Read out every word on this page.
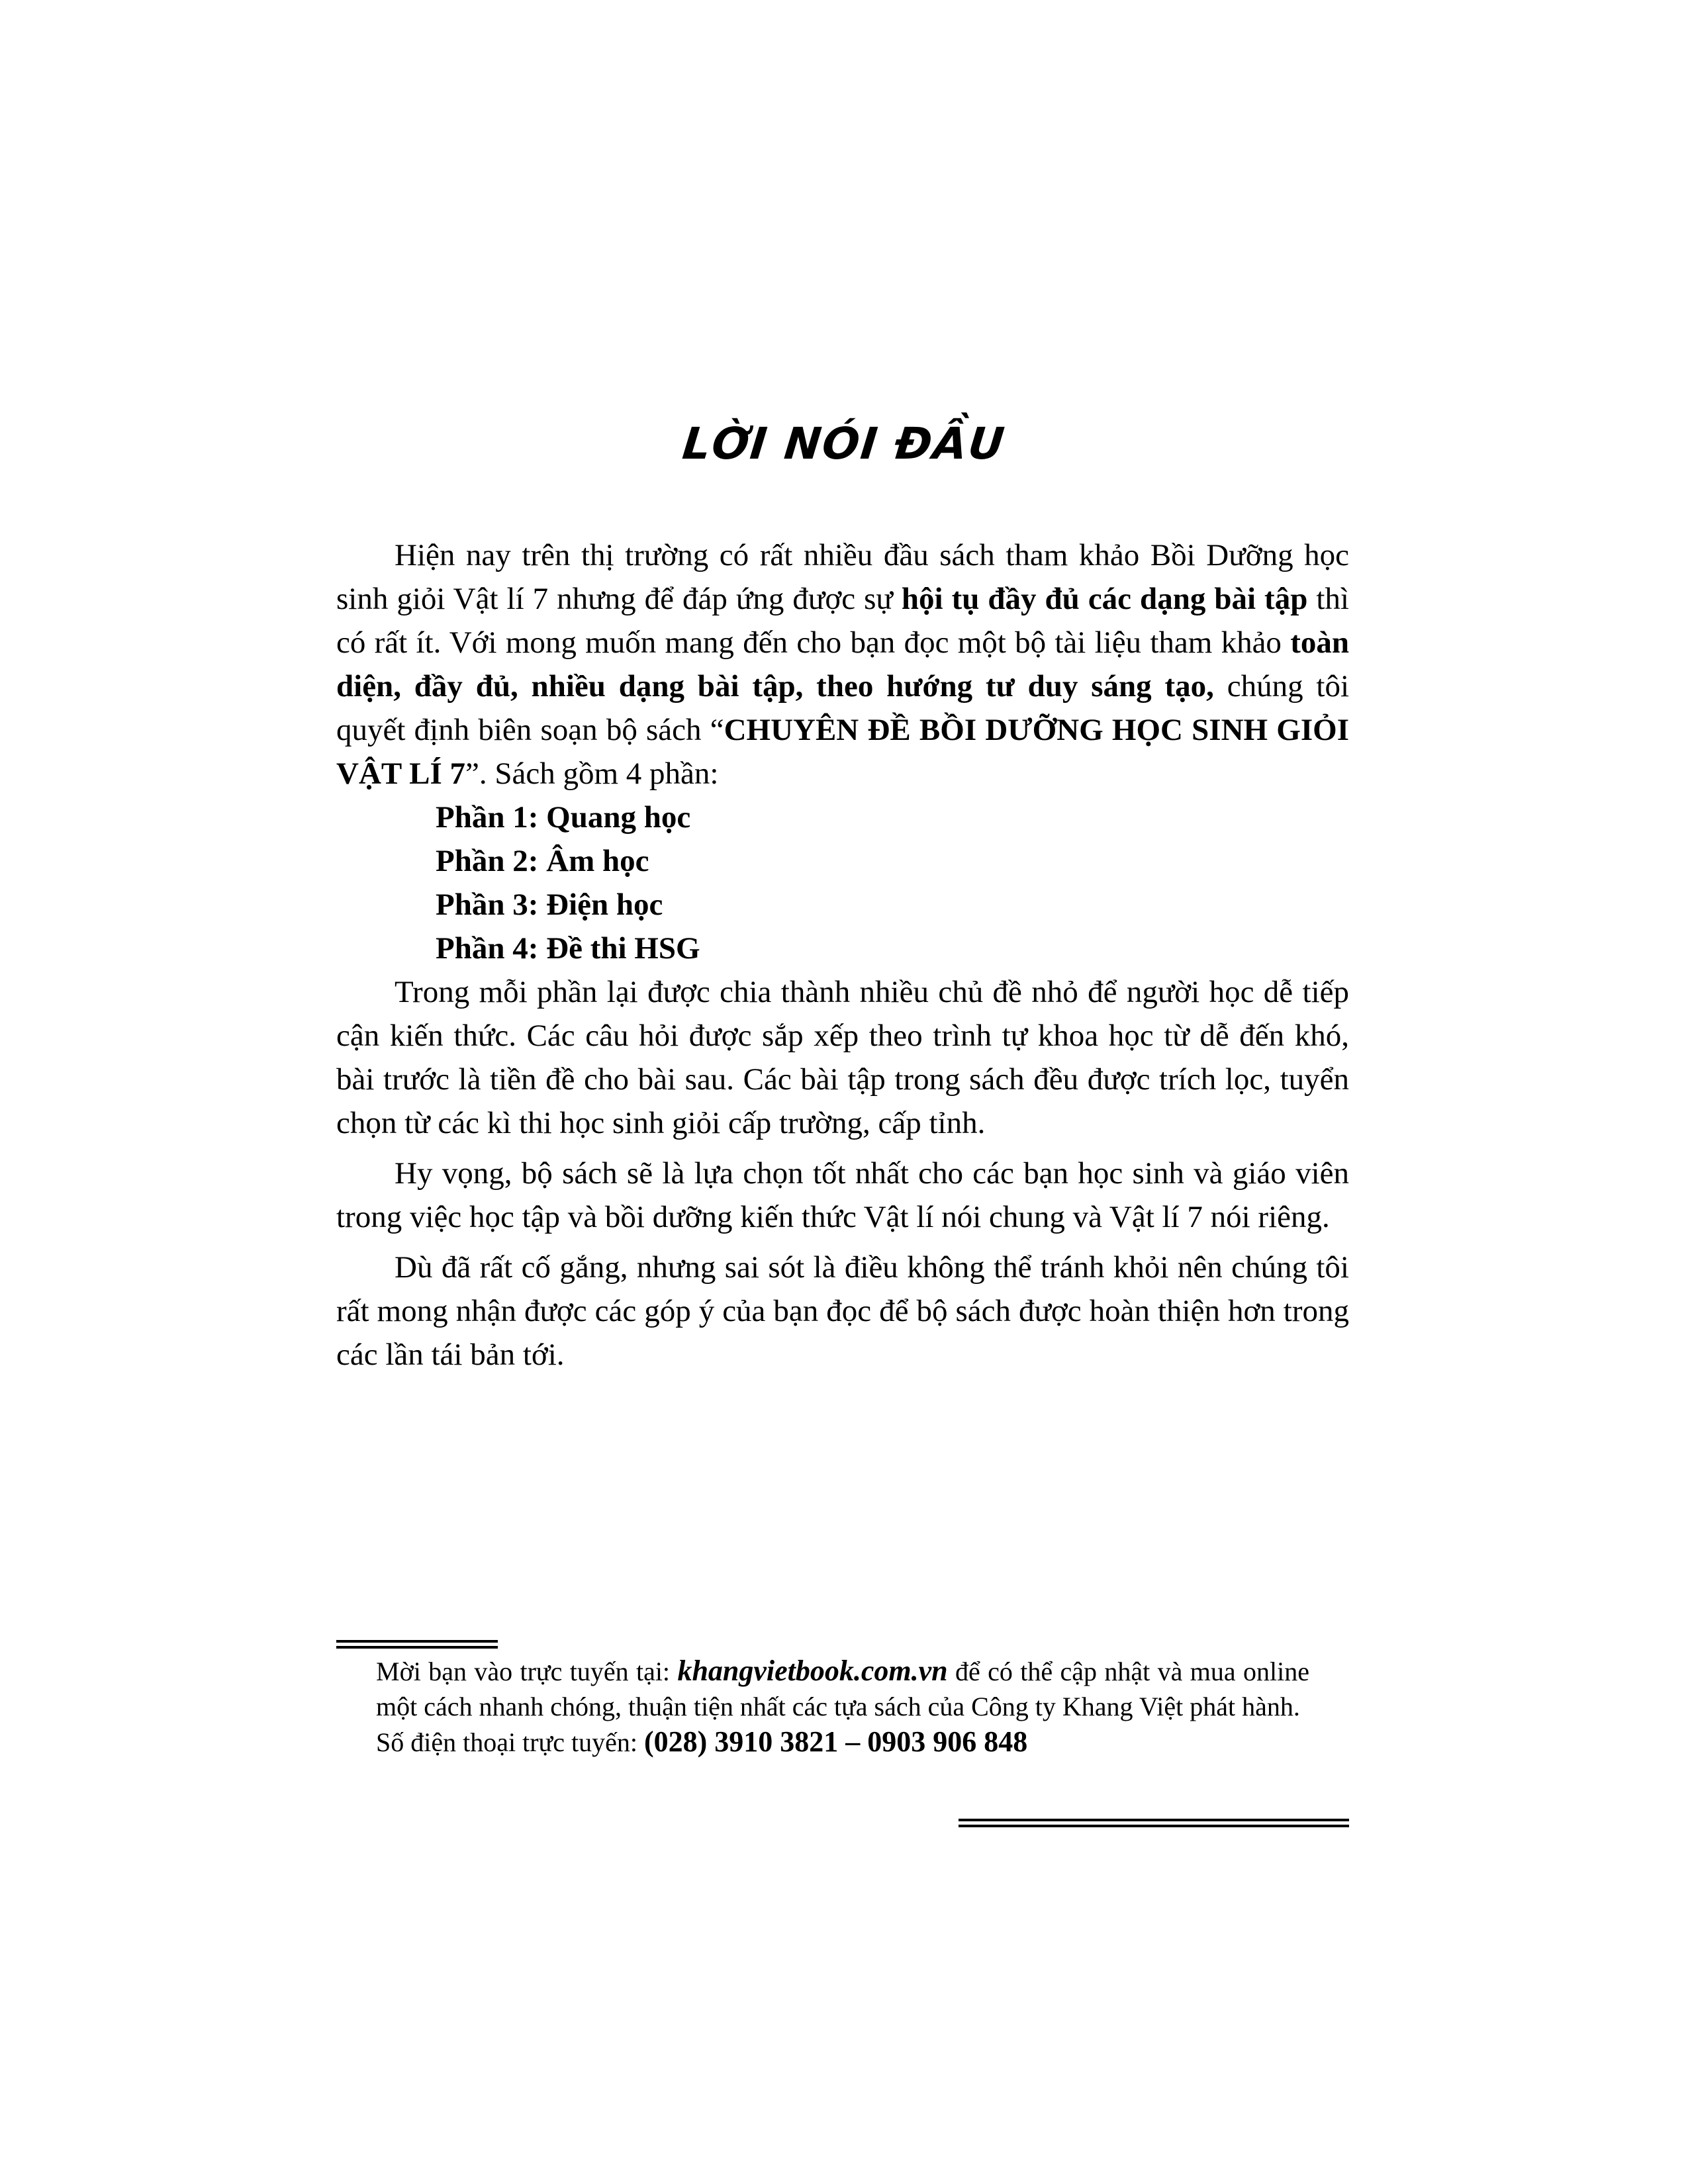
LỜI NÓI ĐẦU

Hiện nay trên thị trường có rất nhiều đầu sách tham khảo Bồi Dưỡng học sinh giỏi Vật lí 7 nhưng để đáp ứng được sự hội tụ đầy đủ các dạng bài tập thì có rất ít. Với mong muốn mang đến cho bạn đọc một bộ tài liệu tham khảo toàn diện, đầy đủ, nhiều dạng bài tập, theo hướng tư duy sáng tạo, chúng tôi quyết định biên soạn bộ sách “CHUYÊN ĐỀ BỒI DƯỠNG HỌC SINH GIỎI VẬT LÍ 7”. Sách gồm 4 phần:

Phần 1: Quang học
Phần 2: Âm học
Phần 3: Điện học
Phần 4: Đề thi HSG

Trong mỗi phần lại được chia thành nhiều chủ đề nhỏ để người học dễ tiếp cận kiến thức. Các câu hỏi được sắp xếp theo trình tự khoa học từ dễ đến khó, bài trước là tiền đề cho bài sau. Các bài tập trong sách đều được trích lọc, tuyển chọn từ các kì thi học sinh giỏi cấp trường, cấp tỉnh.

Hy vọng, bộ sách sẽ là lựa chọn tốt nhất cho các bạn học sinh và giáo viên trong việc học tập và bồi dưỡng kiến thức Vật lí nói chung và Vật lí 7 nói riêng.

Dù đã rất cố gắng, nhưng sai sót là điều không thể tránh khỏi nên chúng tôi rất mong nhận được các góp ý của bạn đọc để bộ sách được hoàn thiện hơn trong các lần tái bản tới.

Mời bạn vào trực tuyến tại: khangvietbook.com.vn để có thể cập nhật và mua online một cách nhanh chóng, thuận tiện nhất các tựa sách của Công ty Khang Việt phát hành.

Số điện thoại trực tuyến: (028) 3910 3821 – 0903 906 848
